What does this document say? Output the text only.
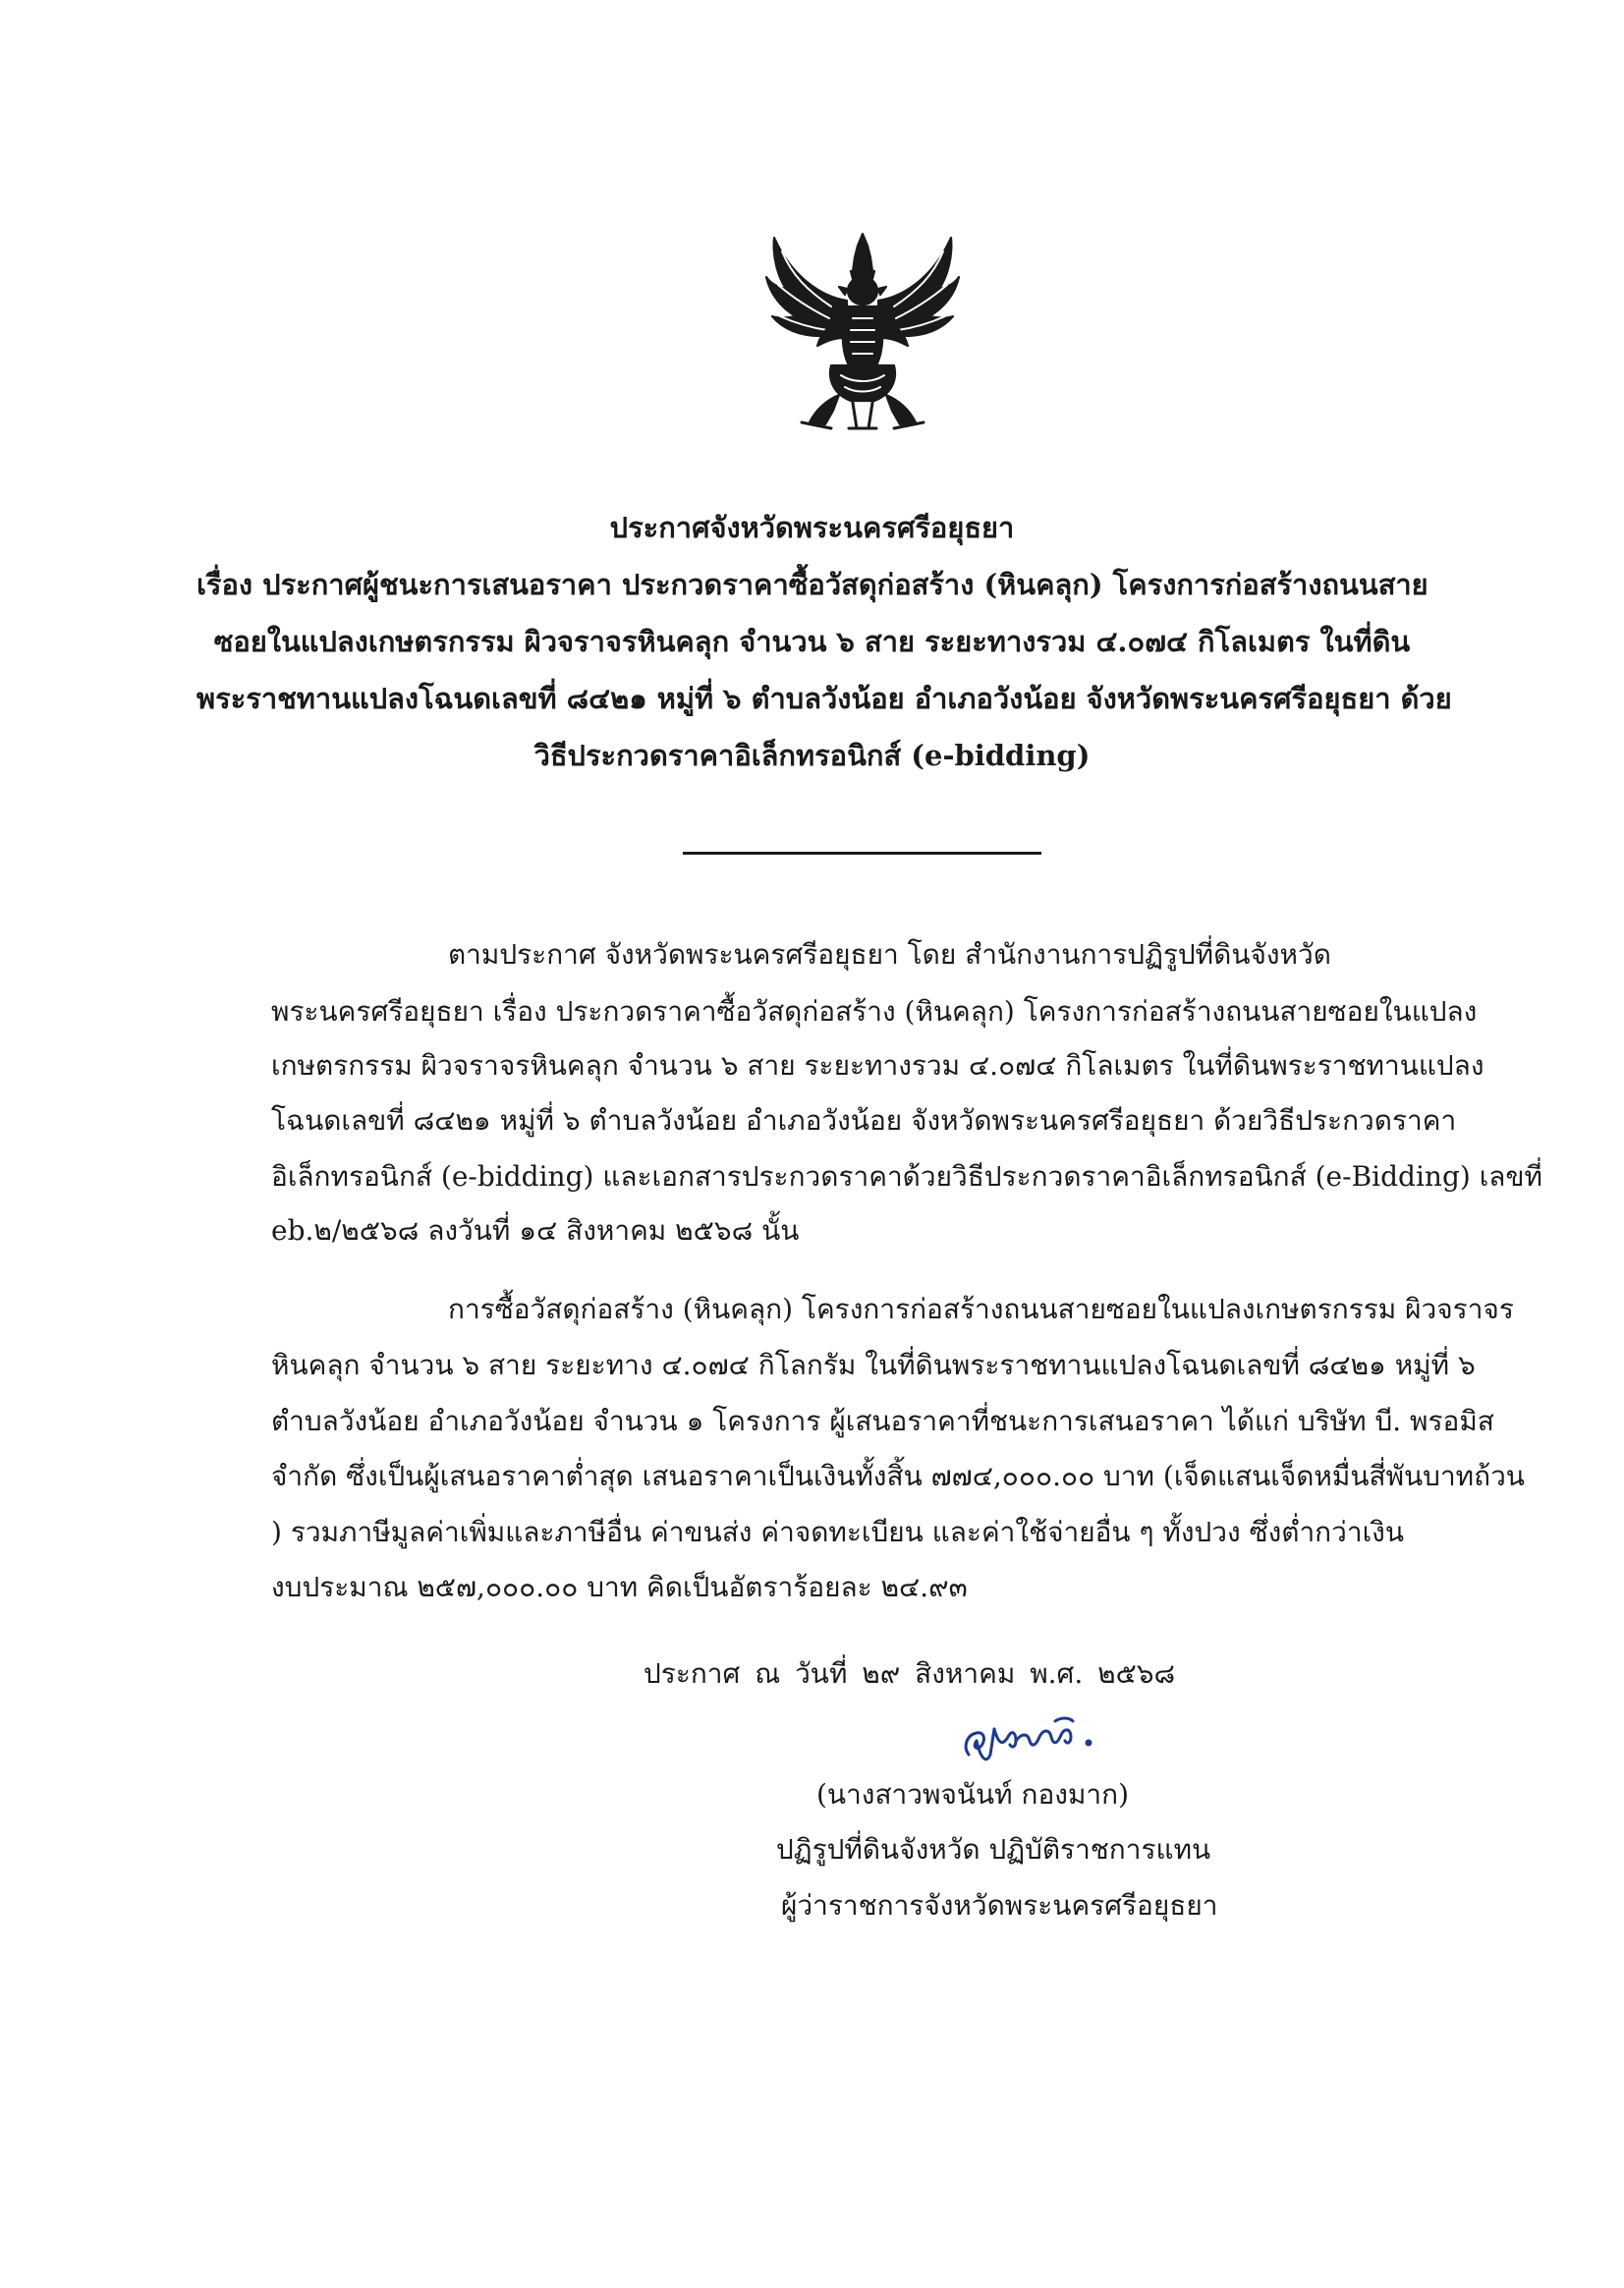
ประกาศจังหวัดพระนครศรีอยุธยา
เรื่อง ประกาศผู้ชนะการเสนอราคา ประกวดราคาซื้อวัสดุก่อสร้าง (หินคลุก) โครงการก่อสร้างถนนสาย
ซอยในแปลงเกษตรกรรม ผิวจราจรหินคลุก จำนวน ๖ สาย ระยะทางรวม ๔.๐๗๔ กิโลเมตร ในที่ดิน
พระราชทานแปลงโฉนดเลขที่ ๘๔๒๑ หมู่ที่ ๖ ตำบลวังน้อย อำเภอวังน้อย จังหวัดพระนครศรีอยุธยา ด้วย
วิธีประกวดราคาอิเล็กทรอนิกส์ (e-bidding)
ตามประกาศ จังหวัดพระนครศรีอยุธยา โดย สำนักงานการปฏิรูปที่ดินจังหวัด
พระนครศรีอยุธยา เรื่อง ประกวดราคาซื้อวัสดุก่อสร้าง (หินคลุก) โครงการก่อสร้างถนนสายซอยในแปลง
เกษตรกรรม ผิวจราจรหินคลุก จำนวน ๖ สาย ระยะทางรวม ๔.๐๗๔ กิโลเมตร ในที่ดินพระราชทานแปลง
โฉนดเลขที่ ๘๔๒๑ หมู่ที่ ๖ ตำบลวังน้อย อำเภอวังน้อย จังหวัดพระนครศรีอยุธยา ด้วยวิธีประกวดราคา
อิเล็กทรอนิกส์ (e-bidding) และเอกสารประกวดราคาด้วยวิธีประกวดราคาอิเล็กทรอนิกส์ (e-Bidding) เลขที่
eb.๒/๒๕๖๘ ลงวันที่ ๑๔ สิงหาคม ๒๕๖๘ นั้น
การซื้อวัสดุก่อสร้าง (หินคลุก) โครงการก่อสร้างถนนสายซอยในแปลงเกษตรกรรม ผิวจราจร
หินคลุก จำนวน ๖ สาย ระยะทาง ๔.๐๗๔ กิโลกรัม ในที่ดินพระราชทานแปลงโฉนดเลขที่ ๘๔๒๑ หมู่ที่ ๖
ตำบลวังน้อย อำเภอวังน้อย จำนวน ๑ โครงการ ผู้เสนอราคาที่ชนะการเสนอราคา ได้แก่ บริษัท บี. พรอมิส
จำกัด ซึ่งเป็นผู้เสนอราคาต่ำสุด เสนอราคาเป็นเงินทั้งสิ้น ๗๗๔,๐๐๐.๐๐ บาท (เจ็ดแสนเจ็ดหมื่นสี่พันบาทถ้วน
) รวมภาษีมูลค่าเพิ่มและภาษีอื่น ค่าขนส่ง ค่าจดทะเบียน และค่าใช้จ่ายอื่น ๆ ทั้งปวง ซึ่งต่ำกว่าเงิน
งบประมาณ ๒๕๗,๐๐๐.๐๐ บาท คิดเป็นอัตราร้อยละ ๒๔.๙๓
ประกาศ ณ วันที่ ๒๙ สิงหาคม พ.ศ. ๒๕๖๘
(นางสาวพจนันท์ กองมาก)
ปฏิรูปที่ดินจังหวัด ปฏิบัติราชการแทน
ผู้ว่าราชการจังหวัดพระนครศรีอยุธยา
